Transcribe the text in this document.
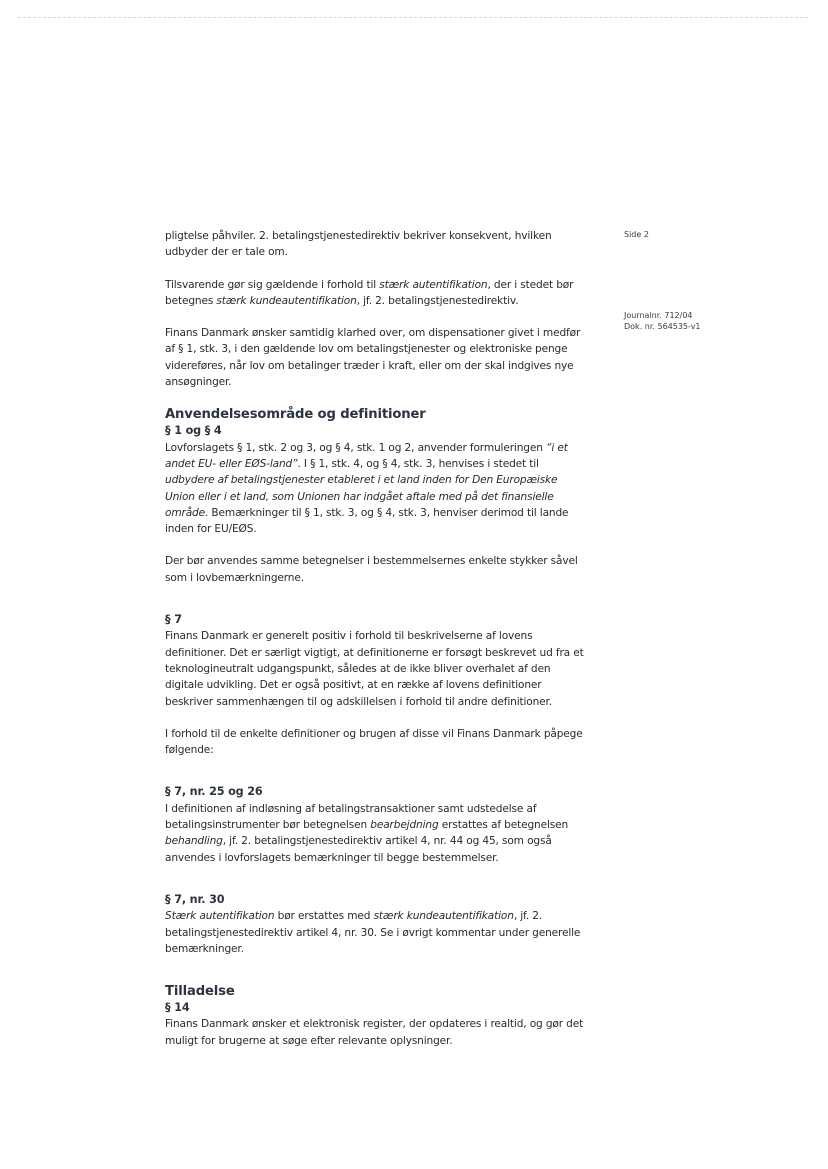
Side 2
Journalnr. 712/04
Dok. nr. 564535-v1

pligtelse påhviler. 2. betalingstjenestedirektiv bekriver konsekvent, hvilken udbyder der er tale om.

Tilsvarende gør sig gældende i forhold til stærk autentifikation, der i stedet bør betegnes stærk kundeautentifikation, jf. 2. betalingstjenestedirektiv.

Finans Danmark ønsker samtidig klarhed over, om dispensationer givet i medfør af § 1, stk. 3, i den gældende lov om betalingstjenester og elektroniske penge videreføres, når lov om betalinger træder i kraft, eller om der skal indgives nye ansøgninger.

Anvendelsesområde og definitioner
§ 1 og § 4

Lovforslagets § 1, stk. 2 og 3, og § 4, stk. 1 og 2, anvender formuleringen “i et andet EU- eller EØS-land”. I § 1, stk. 4, og § 4, stk. 3, henvises i stedet til udbydere af betalingstjenester etableret i et land inden for Den Europæiske Union eller i et land, som Unionen har indgået aftale med på det finansielle område. Bemærkninger til § 1, stk. 3, og § 4, stk. 3, henviser derimod til lande inden for EU/EØS.

Der bør anvendes samme betegnelser i bestemmelsernes enkelte stykker såvel som i lovbemærkningerne.

§ 7

Finans Danmark er generelt positiv i forhold til beskrivelserne af lovens definitioner. Det er særligt vigtigt, at definitionerne er forsøgt beskrevet ud fra et teknologineutralt udgangspunkt, således at de ikke bliver overhalet af den digitale udvikling. Det er også positivt, at en række af lovens definitioner beskriver sammenhængen til og adskillelsen i forhold til andre definitioner.

I forhold til de enkelte definitioner og brugen af disse vil Finans Danmark påpege følgende:

§ 7, nr. 25 og 26

I definitionen af indløsning af betalingstransaktioner samt udstedelse af betalingsinstrumenter bør betegnelsen bearbejdning erstattes af betegnelsen behandling, jf. 2. betalingstjenestedirektiv artikel 4, nr. 44 og 45, som også anvendes i lovforslagets bemærkninger til begge bestemmelser.

§ 7, nr. 30

Stærk autentifikation bør erstattes med stærk kundeautentifikation, jf. 2. betalingstjenestedirektiv artikel 4, nr. 30. Se i øvrigt kommentar under generelle bemærkninger.

Tilladelse
§ 14

Finans Danmark ønsker et elektronisk register, der opdateres i realtid, og gør det muligt for brugerne at søge efter relevante oplysninger.
